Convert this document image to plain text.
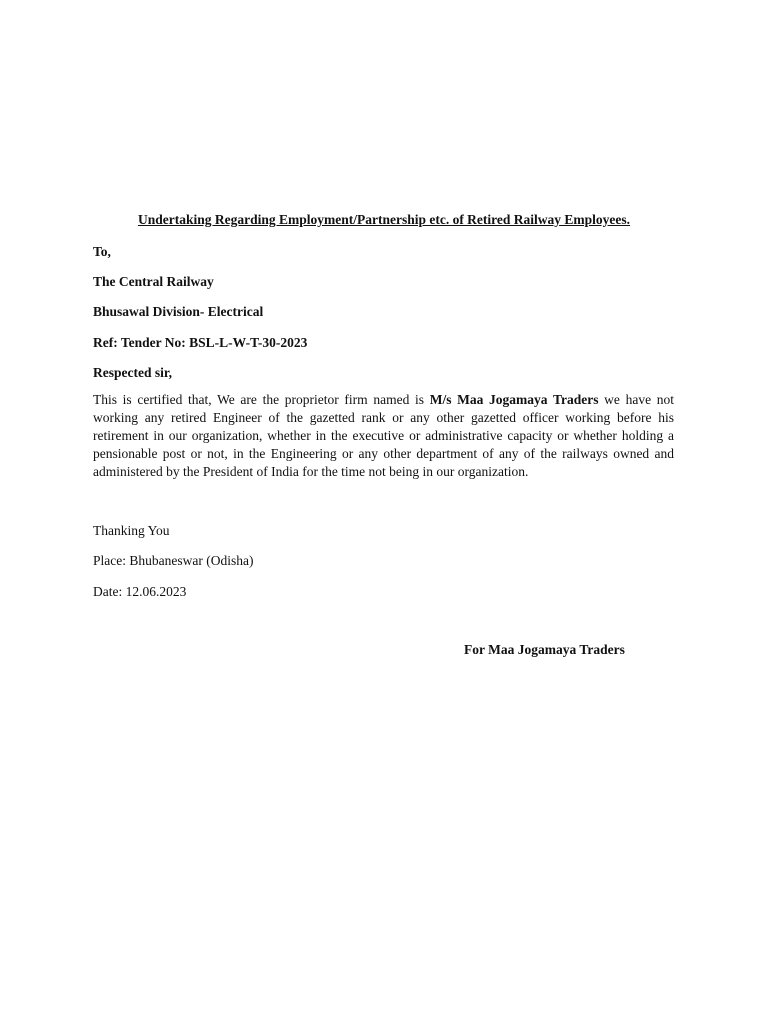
Undertaking Regarding Employment/Partnership etc. of Retired Railway Employees.
To,
The Central Railway
Bhusawal Division- Electrical
Ref: Tender No: BSL-L-W-T-30-2023
Respected sir,
This is certified that, We are the proprietor firm named is M/s Maa Jogamaya Traders we have not working any retired Engineer of the gazetted rank or any other gazetted officer working before his retirement in our organization, whether in the executive or administrative capacity or whether holding a pensionable post or not, in the Engineering or any other department of any of the railways owned and administered by the President of India for the time not being in our organization.
Thanking You
Place: Bhubaneswar (Odisha)
Date: 12.06.2023
For Maa Jogamaya Traders
